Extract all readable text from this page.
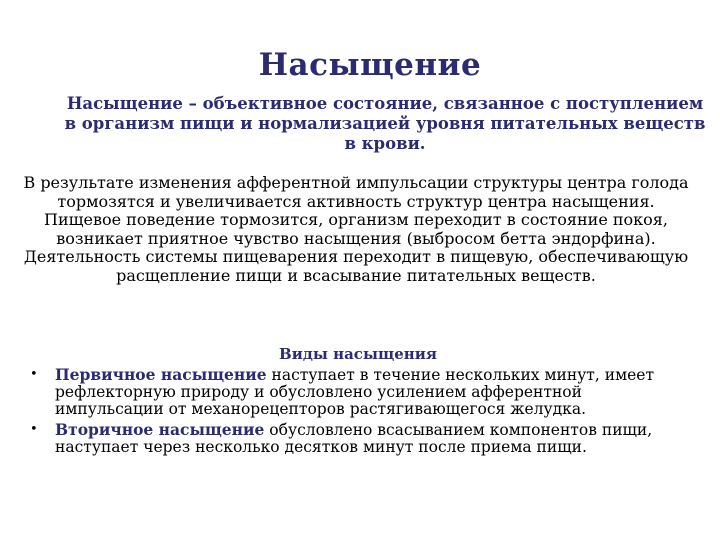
Насыщение
Насыщение – объективное состояние, связанное с поступлением в организм пищи и нормализацией уровня питательных веществ в крови.

В результате изменения афферентной импульсации структуры центра голода тормозятся и увеличивается активность структур центра насыщения. Пищевое поведение тормозится, организм переходит в состояние покоя, возникает приятное чувство насыщения (выбросом бетта эндорфина).

Деятельность системы пищеварения переходит в пищевую, обеспечивающую расщепление пищи и всасывание питательных веществ.

Виды насыщения
• Первичное насыщение наступает в течение нескольких минут, имеет рефлекторную природу и обусловлено усилением афферентной импульсации от механорецепторов растягивающегося желудка.
• Вторичное насыщение обусловлено всасыванием компонентов пищи, наступает через несколько десятков минут после приема пищи.
